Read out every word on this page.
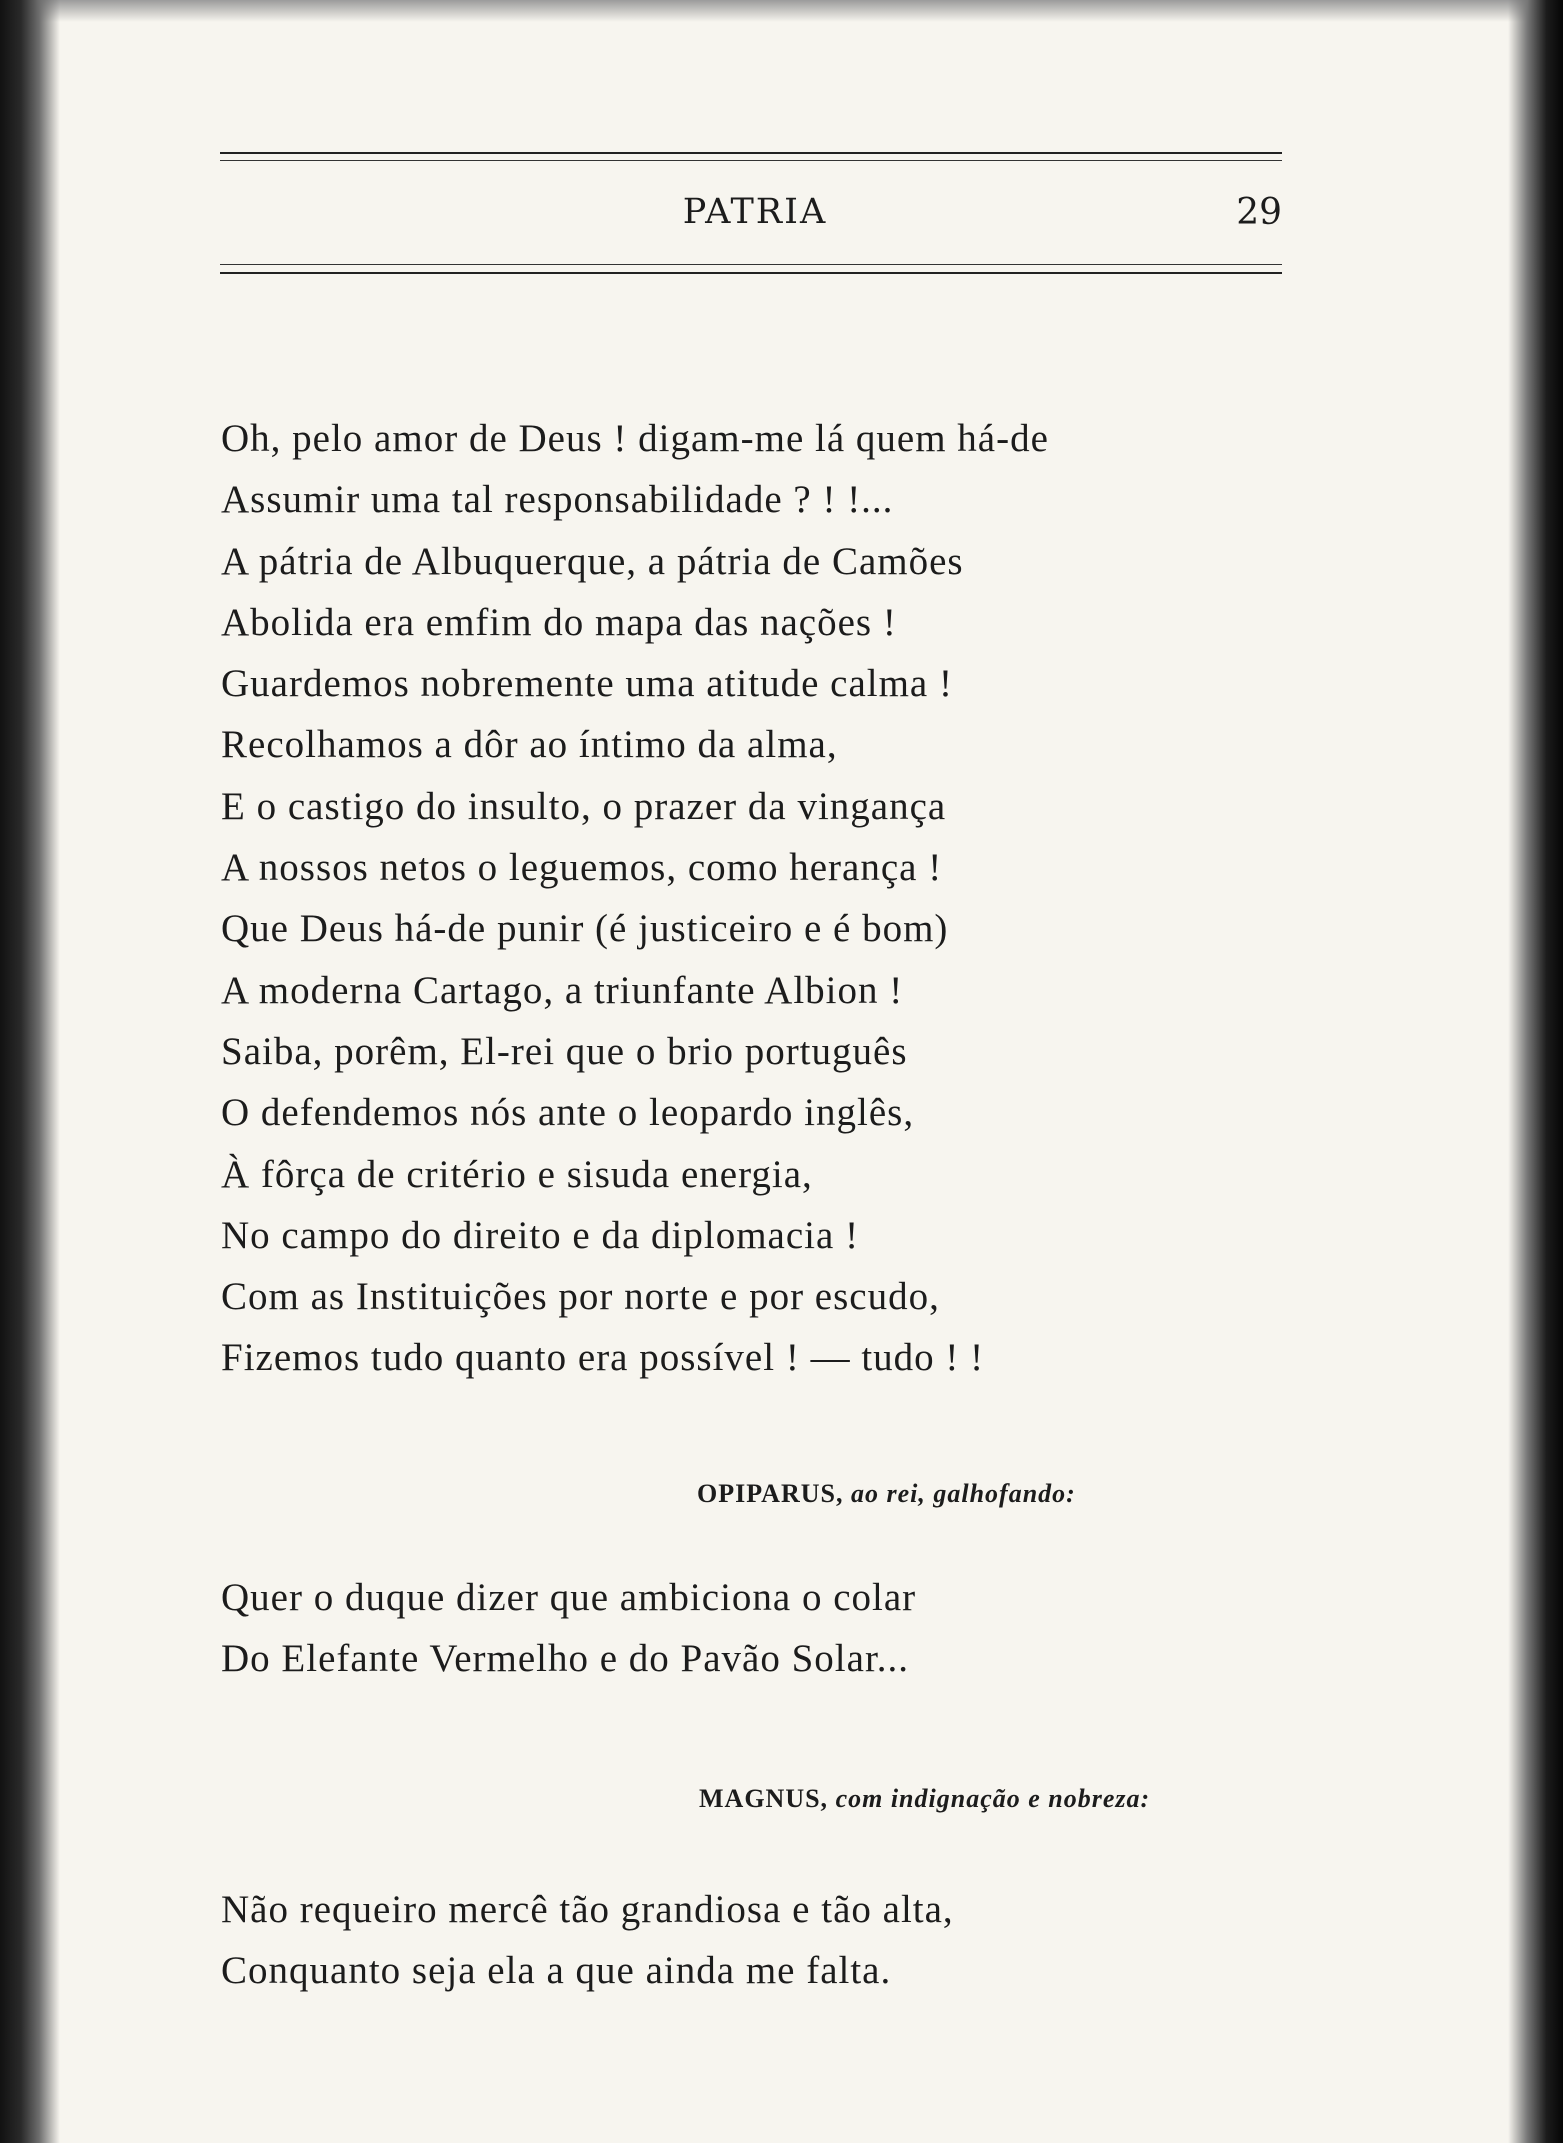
PATRIA	29
Oh, pelo amor de Deus ! digam-me lá quem há-de
Assumir uma tal responsabilidade ? ! !...
A pátria de Albuquerque, a pátria de Camões
Abolida era emfim do mapa das nações !
Guardemos nobremente uma atitude calma !
Recolhamos a dôr ao íntimo da alma,
E o castigo do insulto, o prazer da vingança
A nossos netos o leguemos, como herança !
Que Deus há-de punir (é justiceiro e é bom)
A moderna Cartago, a triunfante Albion !
Saiba, porêm, El-rei que o brio português
O defendemos nós ante o leopardo inglês,
À fôrça de critério e sisuda energia,
No campo do direito e da diplomacia !
Com as Instituições por norte e por escudo,
Fizemos tudo quanto era possível ! — tudo ! !
OPIPARUS, ao rei, galhofando:
Quer o duque dizer que ambiciona o colar
Do Elefante Vermelho e do Pavão Solar...
MAGNUS, com indignação e nobreza:
Não requeiro mercê tão grandiosa e tão alta,
Conquanto seja ela a que ainda me falta.
